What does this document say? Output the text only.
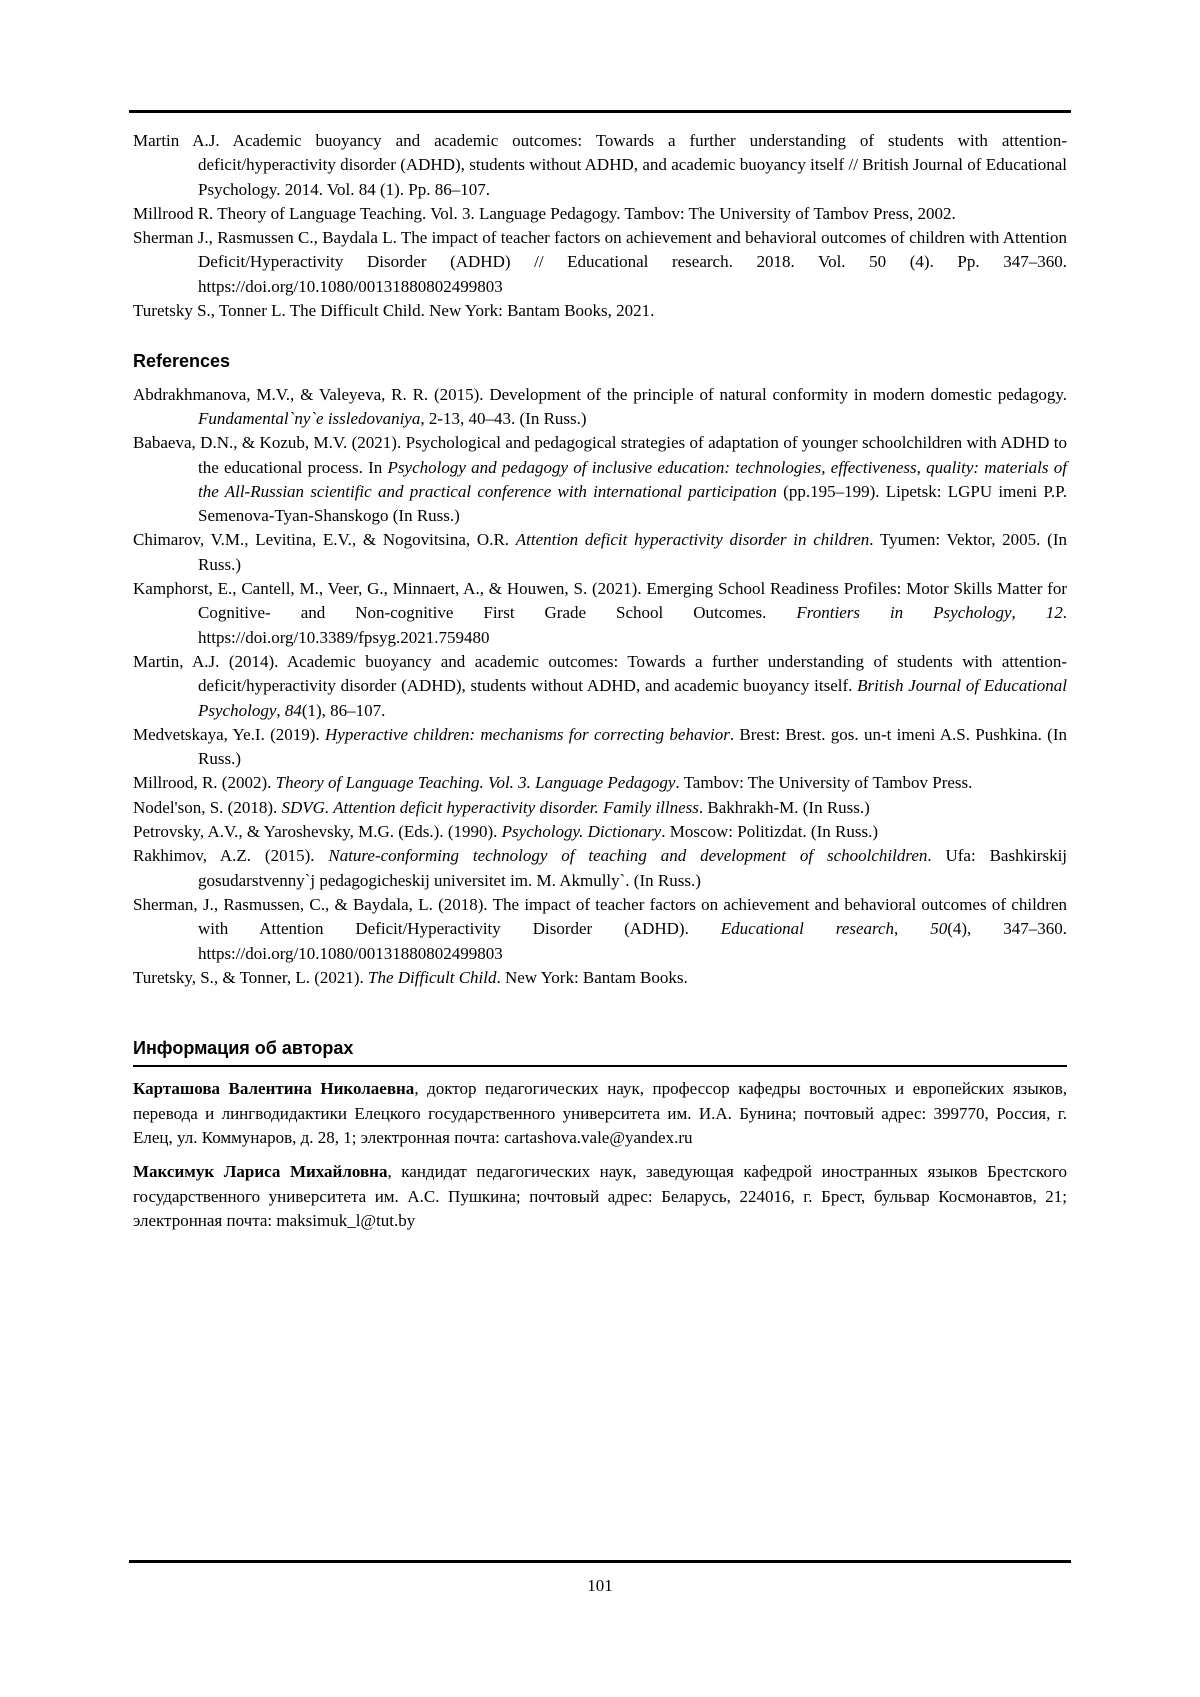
Martin A.J. Academic buoyancy and academic outcomes: Towards a further understanding of students with attention- deficit/hyperactivity disorder (ADHD), students without ADHD, and academic buoyancy itself // British Journal of Educational Psychology. 2014. Vol. 84 (1). Pp. 86–107.

Millrood R. Theory of Language Teaching. Vol. 3. Language Pedagogy. Tambov: The University of Tambov Press, 2002.

Sherman J., Rasmussen C., Baydala L. The impact of teacher factors on achievement and behavioral outcomes of children with Attention Deficit/Hyperactivity Disorder (ADHD) // Educational research. 2018. Vol. 50 (4). Pp. 347–360. https://doi.org/10.1080/00131880802499803

Turetsky S., Tonner L. The Difficult Child. New York: Bantam Books, 2021.

References

Abdrakhmanova, M.V., & Valeyeva, R. R. (2015). Development of the principle of natural conformity in modern domestic pedagogy. Fundamental`ny`e issledovaniya, 2-13, 40–43. (In Russ.)

Babaeva, D.N., & Kozub, M.V. (2021). Psychological and pedagogical strategies of adaptation of younger schoolchildren with ADHD to the educational process. In Psychology and pedagogy of inclusive education: technologies, effectiveness, quality: materials of the All-Russian scientific and practical conference with international participation (pp.195–199). Lipetsk: LGPU imeni P.P. Semenova-Tyan-Shanskogo (In Russ.)

Chimarov, V.M., Levitina, E.V., & Nogovitsina, O.R. Attention deficit hyperactivity disorder in children. Tyumen: Vektor, 2005. (In Russ.)

Kamphorst, E., Cantell, M., Veer, G., Minnaert, A., & Houwen, S. (2021). Emerging School Readiness Profiles: Motor Skills Matter for Cognitive- and Non-cognitive First Grade School Outcomes. Frontiers in Psychology, 12. https://doi.org/10.3389/fpsyg.2021.759480

Martin, A.J. (2014). Academic buoyancy and academic outcomes: Towards a further understanding of students with attention- deficit/hyperactivity disorder (ADHD), students without ADHD, and academic buoyancy itself. British Journal of Educational Psychology, 84(1), 86–107.

Medvetskaya, Ye.I. (2019). Hyperactive children: mechanisms for correcting behavior. Brest: Brest. gos. un-t imeni A.S. Pushkina. (In Russ.)

Millrood, R. (2002). Theory of Language Teaching. Vol. 3. Language Pedagogy. Tambov: The University of Tambov Press.

Nodel'son, S. (2018). SDVG. Attention deficit hyperactivity disorder. Family illness. Bakhrakh-M. (In Russ.)

Petrovsky, A.V., & Yaroshevsky, M.G. (Eds.). (1990). Psychology. Dictionary. Moscow: Politizdat. (In Russ.)

Rakhimov, A.Z. (2015). Nature-conforming technology of teaching and development of schoolchildren. Ufa: Bashkirskij gosudarstvenny`j pedagogicheskij universitet im. M. Akmully`. (In Russ.)

Sherman, J., Rasmussen, C., & Baydala, L. (2018). The impact of teacher factors on achievement and behavioral outcomes of children with Attention Deficit/Hyperactivity Disorder (ADHD). Educational research, 50(4), 347–360. https://doi.org/10.1080/00131880802499803

Turetsky, S., & Tonner, L. (2021). The Difficult Child. New York: Bantam Books.

Информация об авторах

Карташова Валентина Николаевна, доктор педагогических наук, профессор кафедры восточных и европейских языков, перевода и лингводидактики Елецкого государственного университета им. И.А. Бунина; почтовый адрес: 399770, Россия, г. Елец, ул. Коммунаров, д. 28, 1; электронная почта: cartashova.vale@yandex.ru

Максимук Лариса Михайловна, кандидат педагогических наук, заведующая кафедрой иностранных языков Брестского государственного университета им. А.С. Пушкина; почтовый адрес: Беларусь, 224016, г. Брест, бульвар Космонавтов, 21; электронная почта: maksimuk_l@tut.by

101
